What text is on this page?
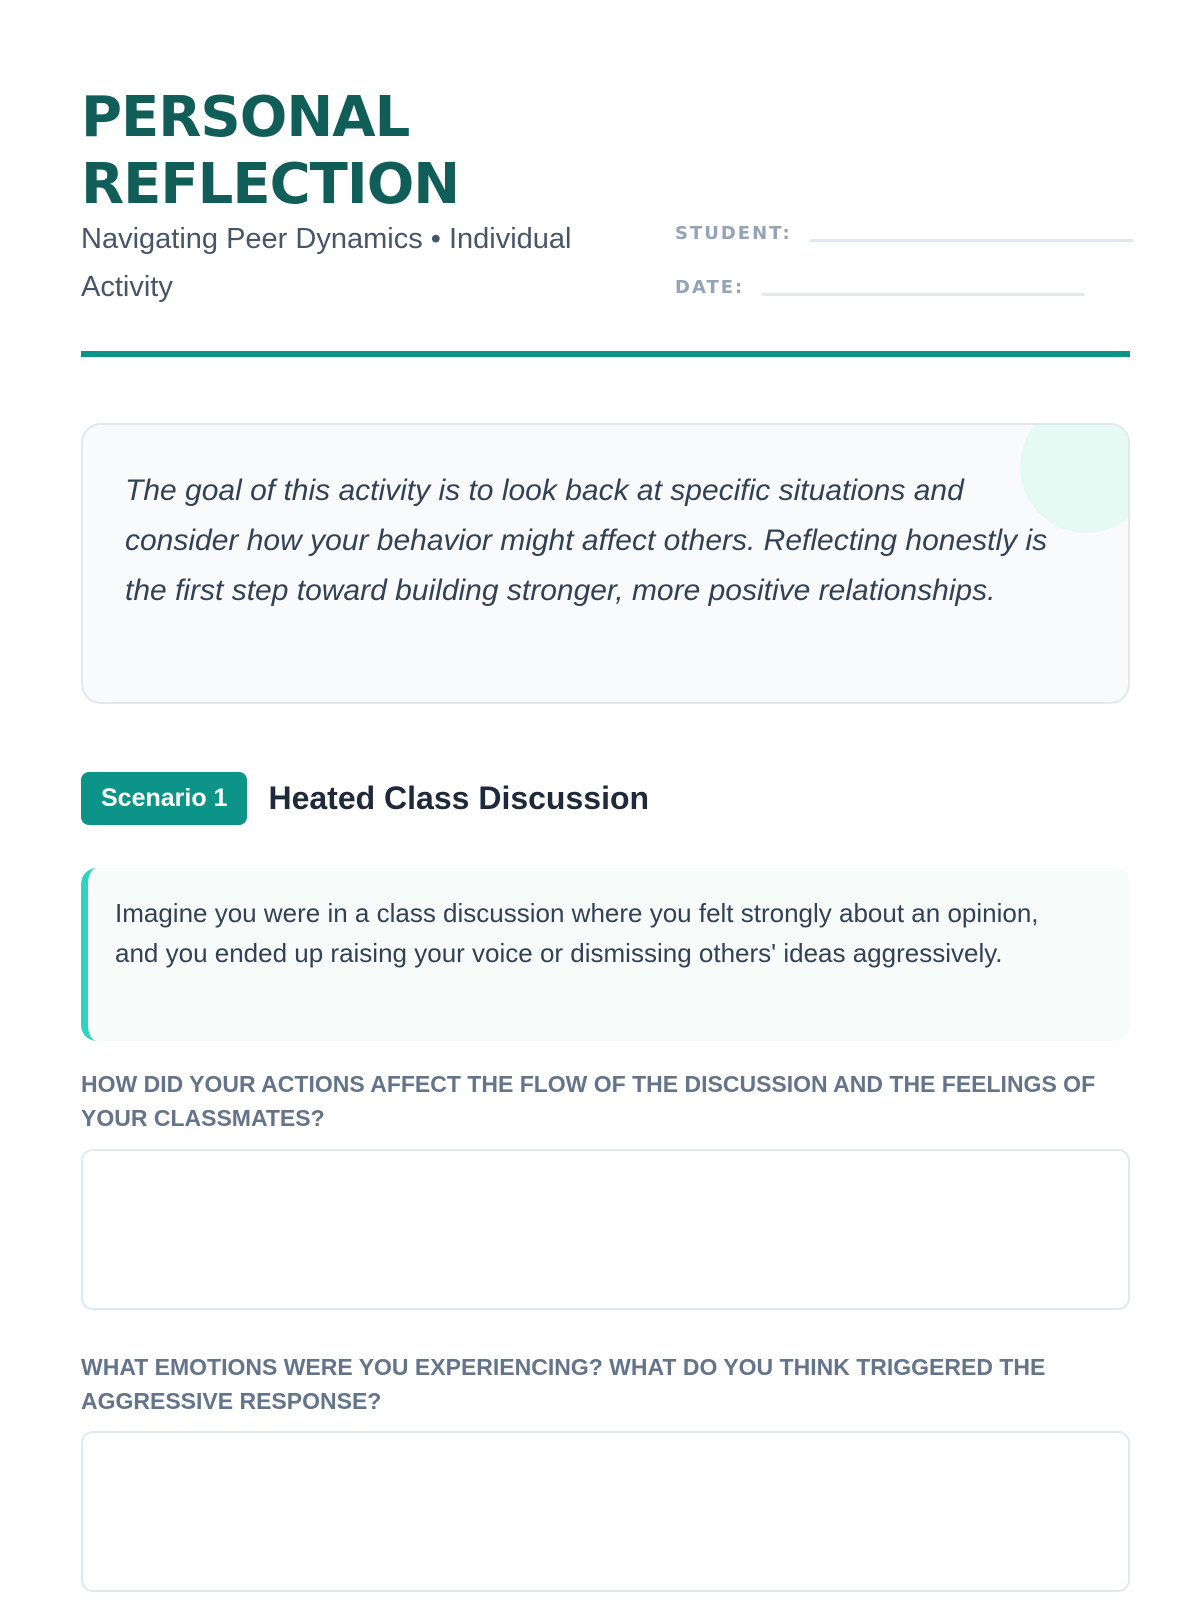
PERSONAL REFLECTION
Navigating Peer Dynamics • Individual Activity
STUDENT:
DATE:

The goal of this activity is to look back at specific situations and consider how your behavior might affect others. Reflecting honestly is the first step toward building stronger, more positive relationships.

Scenario 1	Heated Class Discussion

Imagine you were in a class discussion where you felt strongly about an opinion, and you ended up raising your voice or dismissing others' ideas aggressively.

HOW DID YOUR ACTIONS AFFECT THE FLOW OF THE DISCUSSION AND THE FEELINGS OF YOUR CLASSMATES?

WHAT EMOTIONS WERE YOU EXPERIENCING? WHAT DO YOU THINK TRIGGERED THE AGGRESSIVE RESPONSE?
